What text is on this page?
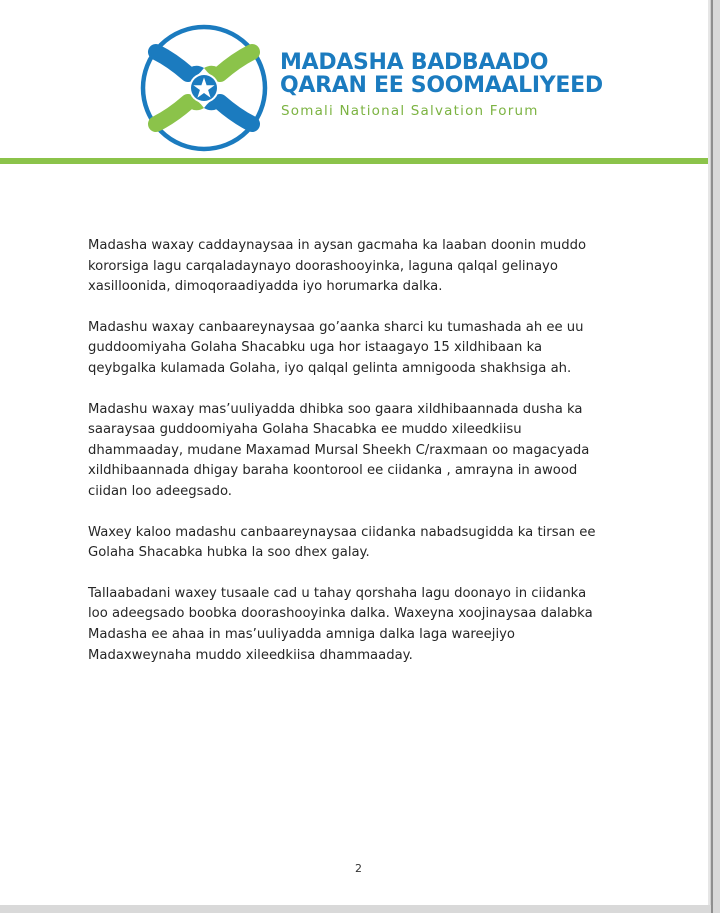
MADASHA BADBAADO
QARAN EE SOOMAALIYEED
Somali National Salvation Forum

Madasha waxay caddaynaysaa in aysan gacmaha ka laaban doonin muddo
kororsiga lagu carqaladaynayo doorashooyinka, laguna qalqal gelinayo
xasilloonida, dimoqoraadiyadda iyo horumarka dalka.

Madashu waxay canbaareynaysaa go’aanka sharci ku tumashada ah ee uu
guddoomiyaha Golaha Shacabku uga hor istaagayo 15 xildhibaan ka
qeybgalka kulamada Golaha, iyo qalqal gelinta amnigooda shakhsiga ah.

Madashu waxay mas’uuliyadda dhibka soo gaara xildhibaannada dusha ka
saaraysaa guddoomiyaha Golaha Shacabka ee muddo xileedkiisu
dhammaaday, mudane Maxamad Mursal Sheekh C/raxmaan oo magacyada
xildhibaannada dhigay baraha koontorool ee ciidanka , amrayna in awood
ciidan loo adeegsado.

Waxey kaloo madashu canbaareynaysaa ciidanka nabadsugidda ka tirsan ee
Golaha Shacabka hubka la soo dhex galay.

Tallaabadani waxey tusaale cad u tahay qorshaha lagu doonayo in ciidanka
loo adeegsado boobka doorashooyinka dalka. Waxeyna xoojinaysaa dalabka
Madasha ee ahaa in mas’uuliyadda amniga dalka laga wareejiyo
Madaxweynaha muddo xileedkiisa dhammaaday.

2
